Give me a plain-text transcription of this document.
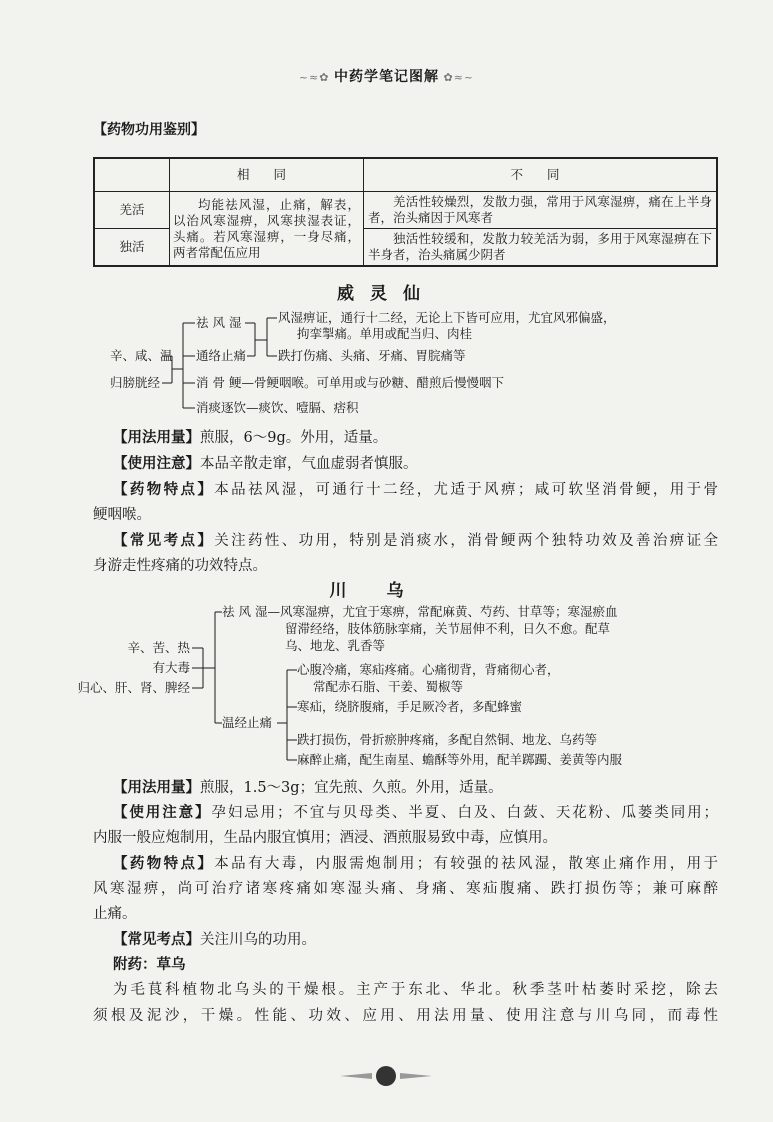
~≈✿ 中药学笔记图解 ✿≈~
【药物功用鉴别】
	相 同	不 同
羌活	均能祛风湿，止痛，解表，以治风寒湿痹，风寒挟湿表证，头痛。若风寒湿痹，一身尽痛，两者常配伍应用	羌活性较燥烈，发散力强，常用于风寒湿痹，痛在上半身者，治头痛因于风寒者
独活		独活性较缓和，发散力较羌活为弱，多用于风寒湿痹在下半身者，治头痛属少阴者
威灵仙
辛、咸、温
归膀胱经
祛 风 湿
通络止痛
消 骨 鲠—骨鲠咽喉。可单用或与砂糖、醋煎后慢慢咽下
消痰逐饮—痰饮、噎膈、痞积
风湿痹证，通行十二经，无论上下皆可应用，尤宜风邪偏盛，
拘挛掣痛。单用或配当归、肉桂
跌打伤痛、头痛、牙痛、胃脘痛等
【用法用量】煎服，6～9g。外用，适量。
【使用注意】本品辛散走窜，气血虚弱者慎服。
【药物特点】本品祛风湿，可通行十二经，尤适于风痹；咸可软坚消骨鲠，用于骨
鲠咽喉。
【常见考点】关注药性、功用，特别是消痰水，消骨鲠两个独特功效及善治痹证全
身游走性疼痛的功效特点。
川乌
辛、苦、热
有大毒
归心、肝、肾、脾经
祛 风 湿—风寒湿痹，尤宜于寒痹，常配麻黄、芍药、甘草等；寒湿瘀血
留滞经络，肢体筋脉挛痛，关节屈伸不利，日久不愈。配草
乌、地龙、乳香等
温经止痛
心腹冷痛，寒疝疼痛。心痛彻背，背痛彻心者，
常配赤石脂、干姜、蜀椒等
寒疝，绕脐腹痛，手足厥冷者，多配蜂蜜
跌打损伤，骨折瘀肿疼痛，多配自然铜、地龙、乌药等
麻醉止痛，配生南星、蟾酥等外用，配羊踯躅、姜黄等内服
【用法用量】煎服，1.5～3g；宜先煎、久煎。外用，适量。
【使用注意】孕妇忌用；不宜与贝母类、半夏、白及、白蔹、天花粉、瓜蒌类同用；
内服一般应炮制用，生品内服宜慎用；酒浸、酒煎服易致中毒，应慎用。
【药物特点】本品有大毒，内服需炮制用；有较强的祛风湿，散寒止痛作用，用于
风寒湿痹，尚可治疗诸寒疼痛如寒湿头痛、身痛、寒疝腹痛、跌打损伤等；兼可麻醉
止痛。
【常见考点】关注川乌的功用。
附药：草乌
为毛茛科植物北乌头的干燥根。主产于东北、华北。秋季茎叶枯萎时采挖，除去
须根及泥沙，干燥。性能、功效、应用、用法用量、使用注意与川乌同，而毒性
